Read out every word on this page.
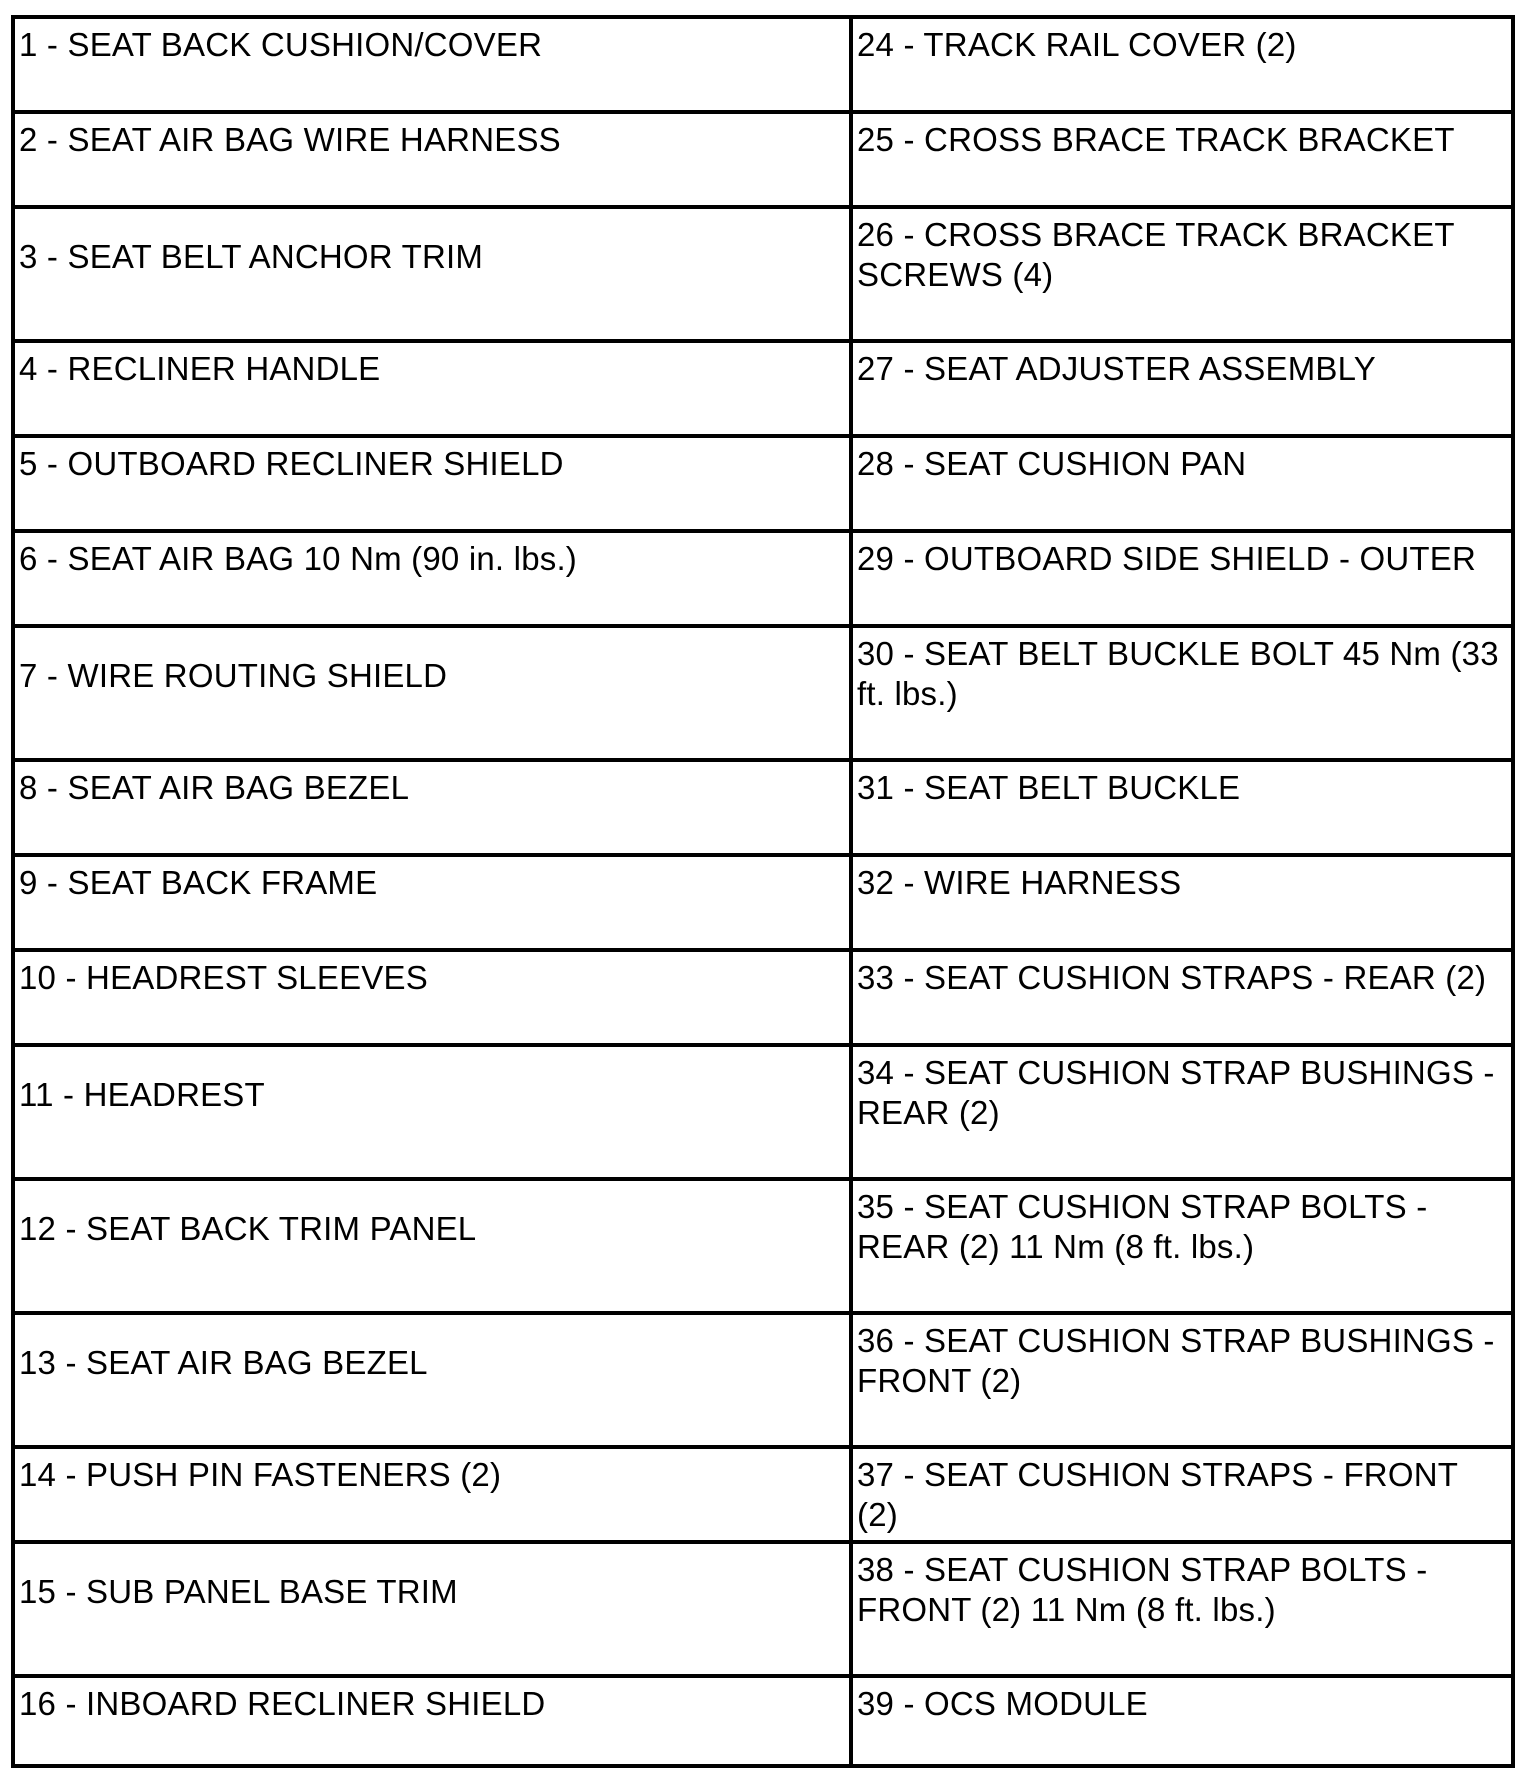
1 - SEAT BACK CUSHION/COVER	24 - TRACK RAIL COVER (2)
2 - SEAT AIR BAG WIRE HARNESS	25 - CROSS BRACE TRACK BRACKET
3 - SEAT BELT ANCHOR TRIM	26 - CROSS BRACE TRACK BRACKET SCREWS (4)
4 - RECLINER HANDLE	27 - SEAT ADJUSTER ASSEMBLY
5 - OUTBOARD RECLINER SHIELD	28 - SEAT CUSHION PAN
6 - SEAT AIR BAG 10 Nm (90 in. lbs.)	29 - OUTBOARD SIDE SHIELD - OUTER
7 - WIRE ROUTING SHIELD	30 - SEAT BELT BUCKLE BOLT 45 Nm (33 ft. lbs.)
8 - SEAT AIR BAG BEZEL	31 - SEAT BELT BUCKLE
9 - SEAT BACK FRAME	32 - WIRE HARNESS
10 - HEADREST SLEEVES	33 - SEAT CUSHION STRAPS - REAR (2)
11 - HEADREST	34 - SEAT CUSHION STRAP BUSHINGS - REAR (2)
12 - SEAT BACK TRIM PANEL	35 - SEAT CUSHION STRAP BOLTS - REAR (2) 11 Nm (8 ft. lbs.)
13 - SEAT AIR BAG BEZEL	36 - SEAT CUSHION STRAP BUSHINGS - FRONT (2)
14 - PUSH PIN FASTENERS (2)	37 - SEAT CUSHION STRAPS - FRONT (2)
15 - SUB PANEL BASE TRIM	38 - SEAT CUSHION STRAP BOLTS - FRONT (2) 11 Nm (8 ft. lbs.)
16 - INBOARD RECLINER SHIELD	39 - OCS MODULE
